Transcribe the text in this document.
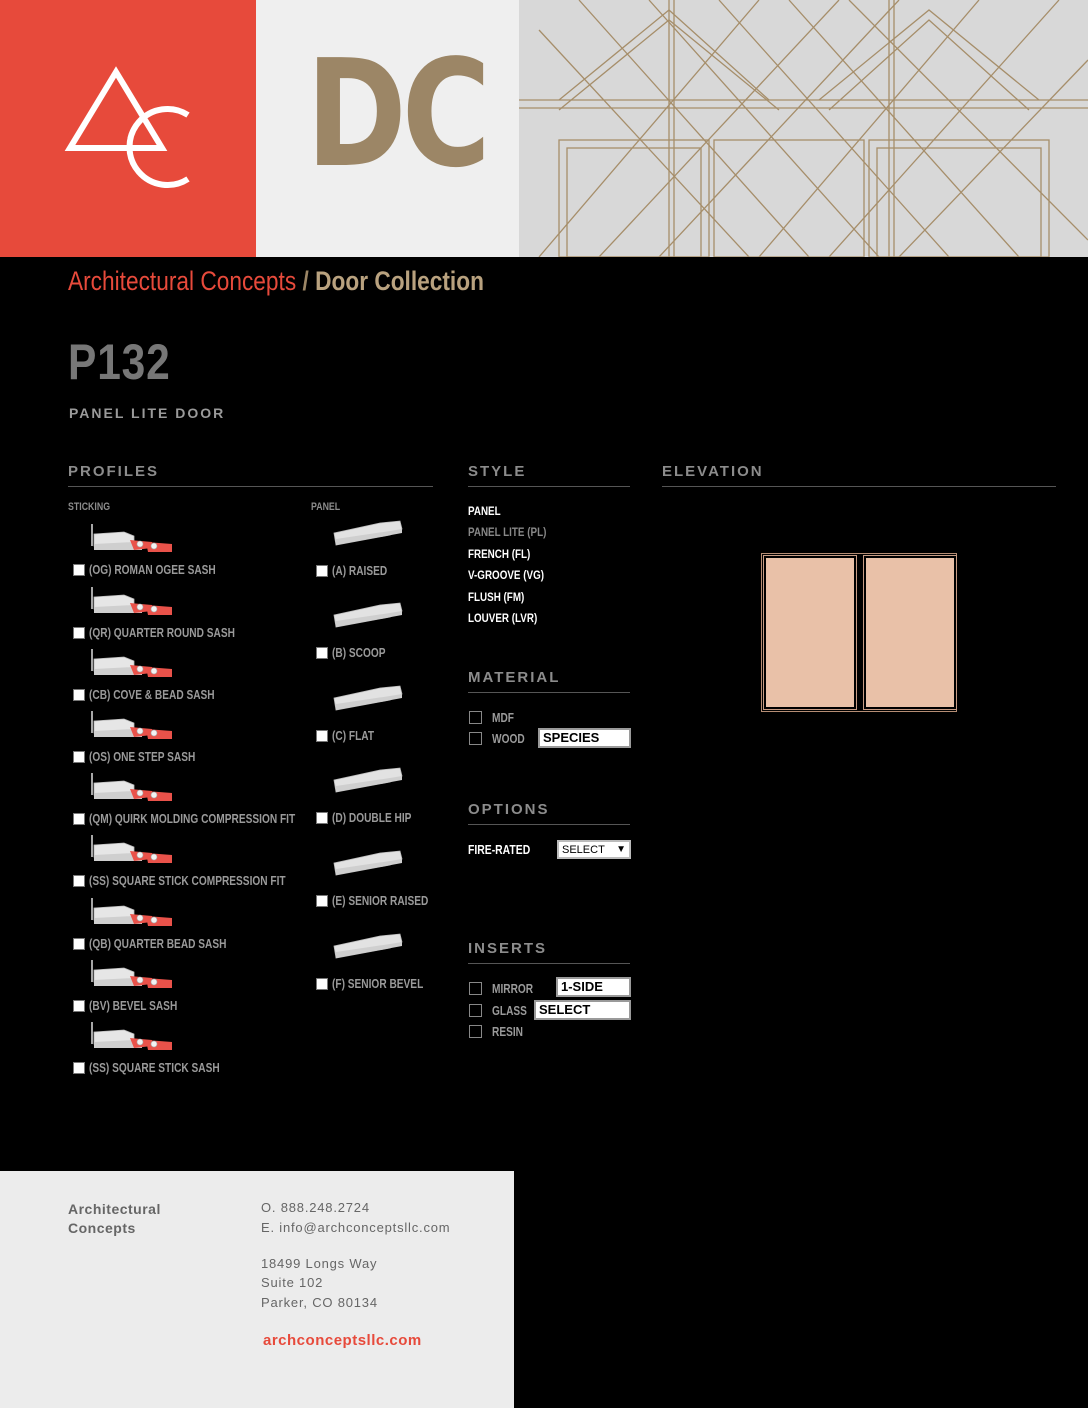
DC
Architectural Concepts / Door Collection
P132
PANEL LITE DOOR
PROFILES
STICKING	PANEL
(OG) ROMAN OGEE SASH
(QR) QUARTER ROUND SASH
(CB) COVE & BEAD SASH
(OS) ONE STEP SASH
(QM) QUIRK MOLDING COMPRESSION FIT
(SS) SQUARE STICK COMPRESSION FIT
(QB) QUARTER BEAD SASH
(BV) BEVEL SASH
(SS) SQUARE STICK SASH
(A) RAISED
(B) SCOOP
(C) FLAT
(D) DOUBLE HIP
(E) SENIOR RAISED
(F) SENIOR BEVEL
STYLE
PANEL
PANEL LITE (PL)
FRENCH (FL)
V-GROOVE (VG)
FLUSH (FM)
LOUVER (LVR)
MATERIAL
MDF
WOOD	SPECIES
OPTIONS
FIRE-RATED	SELECT ▼
INSERTS
MIRROR	1-SIDE
GLASS SELECT
RESIN
ELEVATION
Architectural
Concepts
O. 888.248.2724
E. info@archconceptsllc.com
18499 Longs Way
Suite 102
Parker, CO 80134
archconceptsllc.com
